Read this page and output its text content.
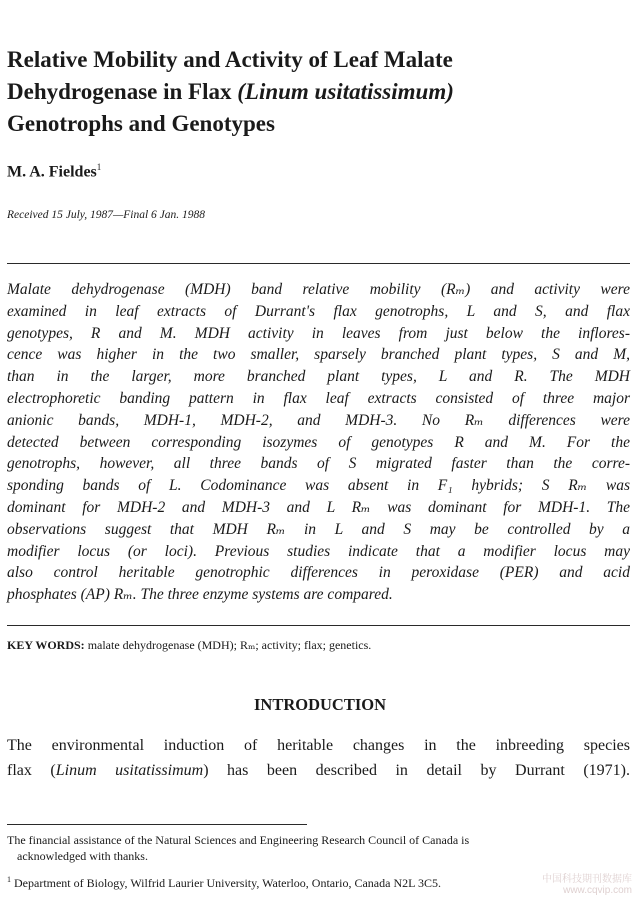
Relative Mobility and Activity of Leaf Malate
Dehydrogenase in Flax (Linum usitatissimum)
Genotrophs and Genotypes

M. A. Fieldes$^1$

Received 15 July, 1987—Final 6 Jan. 1988

Malate dehydrogenase (MDH) band relative mobility (Rₘ) and activity were
examined in leaf extracts of Durrant's flax genotrophs, L and S, and flax
genotypes, R and M. MDH activity in leaves from just below the inflores-
cence was higher in the two smaller, sparsely branched plant types, S and M,
than in the larger, more branched plant types, L and R. The MDH
electrophoretic banding pattern in flax leaf extracts consisted of three major
anionic bands, MDH-1, MDH-2, and MDH-3. No Rₘ differences were
detected between corresponding isozymes of genotypes R and M. For the
genotrophs, however, all three bands of S migrated faster than the corre-
sponding bands of L. Codominance was absent in F₁ hybrids; S Rₘ was
dominant for MDH-2 and MDH-3 and L Rₘ was dominant for MDH-1. The
observations suggest that MDH Rₘ in L and S may be controlled by a
modifier locus (or loci). Previous studies indicate that a modifier locus may
also control heritable genotrophic differences in peroxidase (PER) and acid
phosphates (AP) Rₘ. The three enzyme systems are compared.

KEY WORDS: malate dehydrogenase (MDH); Rₘ; activity; flax; genetics.

INTRODUCTION

The environmental induction of heritable changes in the inbreeding species
flax (Linum usitatissimum) has been described in detail by Durrant (1971).

The financial assistance of the Natural Sciences and Engineering Research Council of Canada is
acknowledged with thanks.

$^1$ Department of Biology, Wilfrid Laurier University, Waterloo, Ontario, Canada N2L 3C5.	中国科技期刊数据库
www.cqvip.com
